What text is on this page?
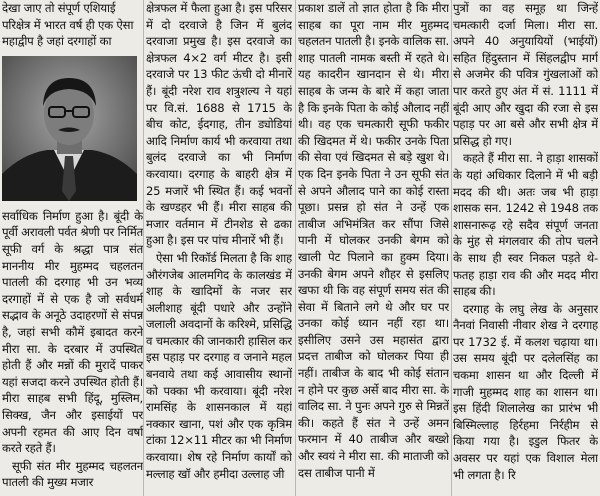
देखा जाए तो संपूर्ण एशियाई
परिक्षेत्र में भारत वर्ष ही एक ऐसा
महाद्वीप है जहां दरगाहों का

सर्वाधिक निर्माण हुआ है। बूंदी के पूर्वी अरावली पर्वत श्रेणी पर निर्मित सूफी वर्ग के श्रद्धा पात्र संत माननीय मीर मुहम्मद चहलतन पातली की दरगाह भी उन भव्य दरगाहों में से एक है जो सर्वधर्म सद्भाव के अनूठे उदाहरणों से संपन्न है, जहां सभी कौमें इबादत करने मीरा सा. के दरबार में उपस्थित होती हैं और मन्नों की मुरादें पाकर यहां सजदा करने उपस्थित होती हैं। मीरा साहब सभी हिंदू, मुस्लिम, सिक्ख, जैन और इसाईयों पर अपनी रहमत की आए दिन वर्षा करते रहते हैं।

सूफी संत मीर मुहम्मद चहलतन पातली की मुख्य मजार

क्षेत्रफल में फैला हुआ है। इस परिसर में दो दरवाजे है जिन में बुलंद दरवाजा प्रमुख है। इस दरवाजे का क्षेत्रफल 4×2 वर्ग मीटर है। इसी दरवाजे पर 13 फीट ऊंची दो मीनारें हैं। बूंदी नरेश राव शत्रुशल्य ने यहां पर वि.सं. 1688 से 1715 के बीच कोट, ईदगाह, तीन ड्योडियां आदि निर्माण कार्य भी करवाया तथा बुलंद दरवाजे का भी निर्माण करवाया। दरगाह के बाहरी क्षेत्र में 25 मजारें भी स्थित हैं। कई भवनों के खण्डहर भी हैं। मीरा साहब की मजार वर्तमान में टीनशेड से ढका हुआ है। इस पर पांच मीनारें भी हैं।

ऐसा भी रिकॉर्ड मिलता है कि शाह औरंगजेब आलमगिद के कालखंड में शाह के खादिमों के नजर सर अलीशाह बूंदी पधारे और उन्होंने जलाली अवदानों के करिश्मे, प्रसिद्धि व चमत्कार की जानकारी हासिल कर इस पहाड़ पर दरगाह व जनाने महल बनवाये तथा कई आवासीय स्थानों को पक्का भी करवाया। बूंदी नरेश रामसिंह के शासनकाल में यहां नक्कार खाना, पशं और एक कृत्रिम टांका 12×11 मीटर का भी निर्माण करवाया। शेष रहे निर्माण कार्यों को मल्लाह खॉ और हमीदा उल्लाह जी

प्रकाश डालें तो ज्ञात होता है कि मीरा साहब का पूरा नाम मीर मुहम्मद चहलतन पातली है। इनके वालिक सा. शाह पातली नामक बस्ती में रहते थे। यह कादरीन खानदान से थे। मीरा साहब के जन्म के बारे में कहा जाता है कि इनके पिता के कोई औलाद नहीं थी। वह एक चमत्कारी सूफी फकीर की खिदमत में थे। फकीर उनके पिता की सेवा एवं खिदमत से बड़े खुश थे। एक दिन इनके पिता ने उन सूफी संत से अपने औलाद पाने का कोई रास्ता पूछा। प्रसन्न हो संत ने उन्हें एक ताबीज अभिमंत्रित कर सौंपा जिसे पानी में घोलकर उनकी बेगम को खाली पेट पिलाने का हुक्म दिया। उनकी बेगम अपने शौहर से इसलिए खफा थी कि वह संपूर्ण समय संत की सेवा में बिताने लगे थे और घर पर उनका कोई ध्यान नहीं रहा था। इसीलिए उसने उस महासंत द्वारा प्रदत्त ताबीज को घोलकर पिया ही नहीं। ताबीज के बाद भी कोई संतान न होने पर कुछ अर्से बाद मीरा सा. के वालिद सा. ने पुनः अपने गुरु से मिन्नतें की। कहते हैं संत ने उन्हें अमन फरमान में 40 ताबीज और बख्शे और स्वयं ने मीरा सा. की माताजी को दस ताबीज पानी में

पुत्रों का वह समूह था जिन्हें चमत्कारी दर्जा मिला। मीरा सा. अपने 40 अनुयायियों (भाईयों) सहित हिंदुस्तान में सिंहलद्वीप मार्ग से अजमेर की पवित्र गुंखलाओं को पार करते हुए अंत में सं. 1111 में बूंदी आए और खुदा की रजा से इस पहाड़ पर आ बसे और सभी क्षेत्र में प्रसिद्ध हो गए।

कहते हैं मीरा सा. ने हाड़ा शासकों के यहां अधिकार दिलाने में भी बड़ी मदद की थी। अतः जब भी हाड़ा शासक सन. 1242 से 1948 तक शासनारूढ़ रहे सदैव संपूर्ण जनता के मुंह से मंगलवार की तोप चलने के साथ ही स्वर निकल पड़ते थे- फतह हाड़ा राव की और मदद मीरा साहब की।

दरगाह के लघु लेख के अनुसार नैनवां निवासी नीवार शेख ने दरगाह पर 1732 ई. में कलश चढ़ाया था। उस समय बूंदी पर दलेलसिंह का चकमा शासन था और दिल्ली में गाजी मुहम्मद शाह का शासन था। इस हिंदी शिलालेख का प्रारंभ भी बिस्मिल्लाह हिर्रहमा निर्रहीम से किया गया है। इडुल फितर के अवसर पर यहां एक विशाल मेला भी लगता है। रि
